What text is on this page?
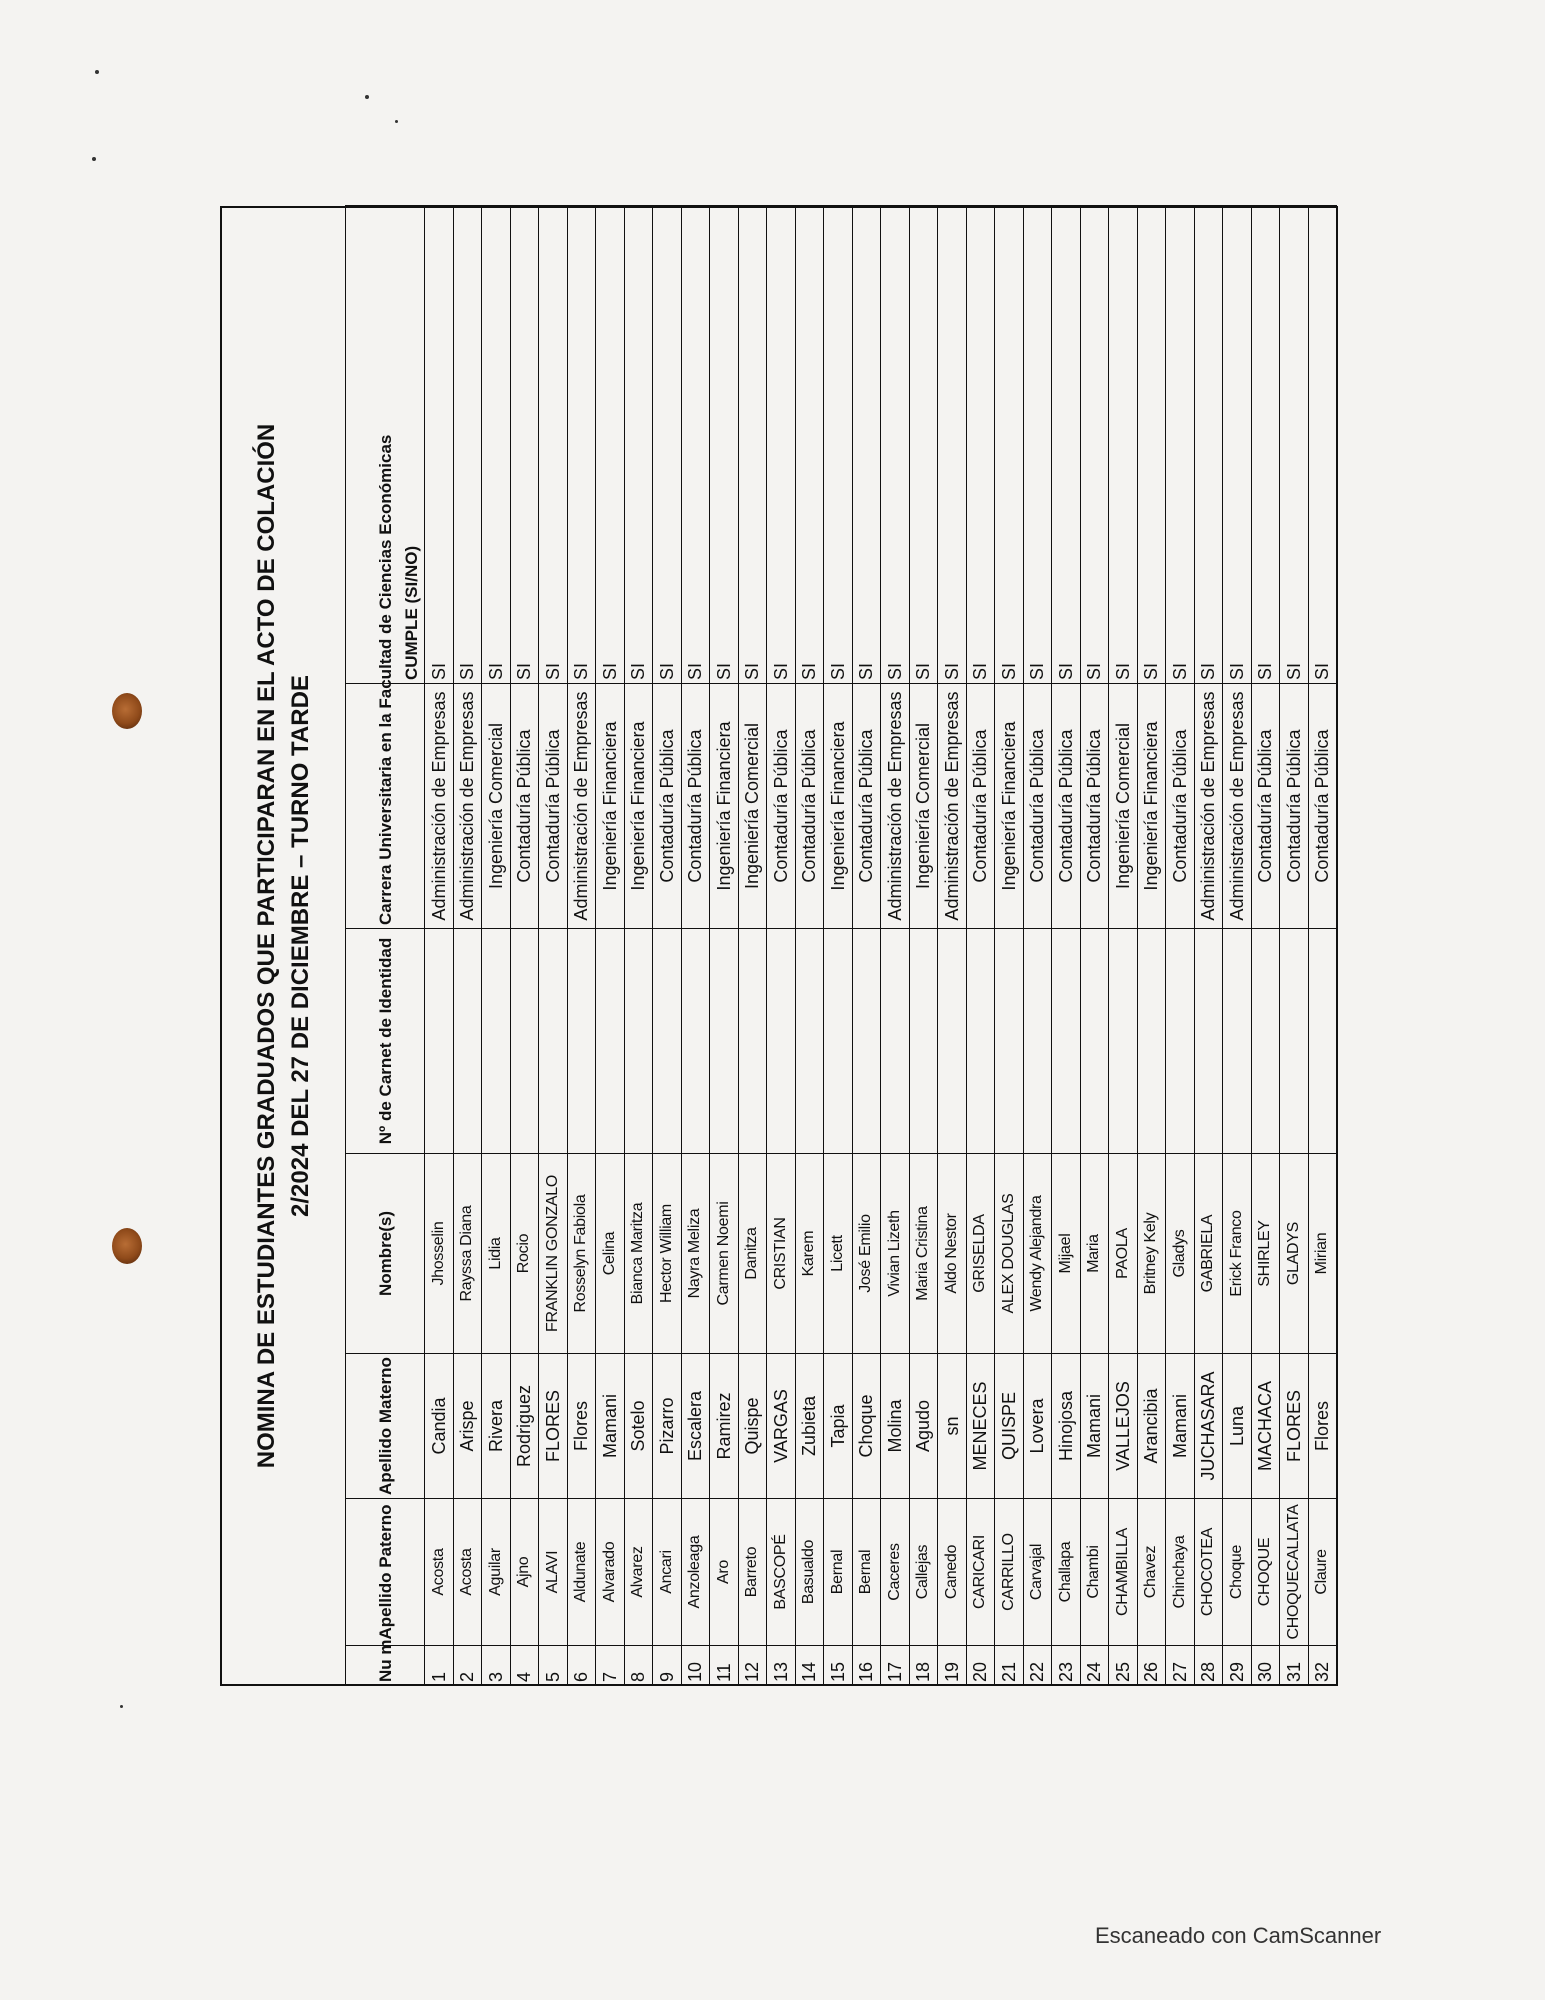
NOMINA DE ESTUDIANTES GRADUADOS QUE PARTICIPARAN EN EL ACTO DE COLACIÓN 2/2024 DEL 27 DE DICIEMBRE – TURNO TARDE
Nu m	Apellido Paterno	Apellido Materno	Nombre(s)	Nº de Carnet de Identidad	Carrera Universitaria en la Facultad de Ciencias Económicas	CUMPLE (SI/NO)

1	Acosta	Candia	Jhosselin		Administración de Empresas	SI
2	Acosta	Arispe	Rayssa Diana		Administración de Empresas	SI
3	Aguilar	Rivera	Lidia		Ingeniería Comercial	SI
4	Ajno	Rodriguez	Rocio		Contaduría Pública	SI
5	ALAVI	FLORES	FRANKLIN GONZALO		Contaduría Pública	SI
6	Aldunate	Flores	Rosselyn Fabiola		Administración de Empresas	SI
7	Alvarado	Mamani	Celina		Ingeniería Financiera	SI
8	Alvarez	Sotelo	Bianca Maritza		Ingeniería Financiera	SI
9	Ancari	Pizarro	Hector William		Contaduría Pública	SI
10	Anzoleaga	Escalera	Nayra Meliza		Contaduría Pública	SI
11	Aro	Ramirez	Carmen Noemi		Ingeniería Financiera	SI
12	Barreto	Quispe	Danitza		Ingeniería Comercial	SI
13	BASCOPÉ	VARGAS	CRISTIAN		Contaduría Pública	SI
14	Basualdo	Zubieta	Karem		Contaduría Pública	SI
15	Bernal	Tapia	Licett		Ingeniería Financiera	SI
16	Bernal	Choque	José Emilio		Contaduría Pública	SI
17	Caceres	Molina	Vivian Lizeth		Administración de Empresas	SI
18	Callejas	Agudo	Maria Cristina		Ingeniería Comercial	SI
19	Canedo	sn	Aldo Nestor		Administración de Empresas	SI
20	CARICARI	MENECES	GRISELDA		Contaduría Pública	SI
21	CARRILLO	QUISPE	ALEX DOUGLAS		Ingeniería Financiera	SI
22	Carvajal	Lovera	Wendy Alejandra		Contaduría Pública	SI
23	Challapa	Hinojosa	Mijael		Contaduría Pública	SI
24	Chambi	Mamani	Maria		Contaduría Pública	SI
25	CHAMBILLA	VALLEJOS	PAOLA		Ingeniería Comercial	SI
26	Chavez	Arancibia	Britney Kely		Ingeniería Financiera	SI
27	Chinchaya	Mamani	Gladys		Contaduría Pública	SI
28	CHOCOTEA	JUCHASARA	GABRIELA		Administración de Empresas	SI
29	Choque	Luna	Erick Franco		Administración de Empresas	SI
30	CHOQUE	MACHACA	SHIRLEY		Contaduría Pública	SI
31	CHOQUECALLATA	FLORES	GLADYS		Contaduría Pública	SI
32	Claure	Flores	Mirian		Contaduría Pública	SI
Escaneado con CamScanner
